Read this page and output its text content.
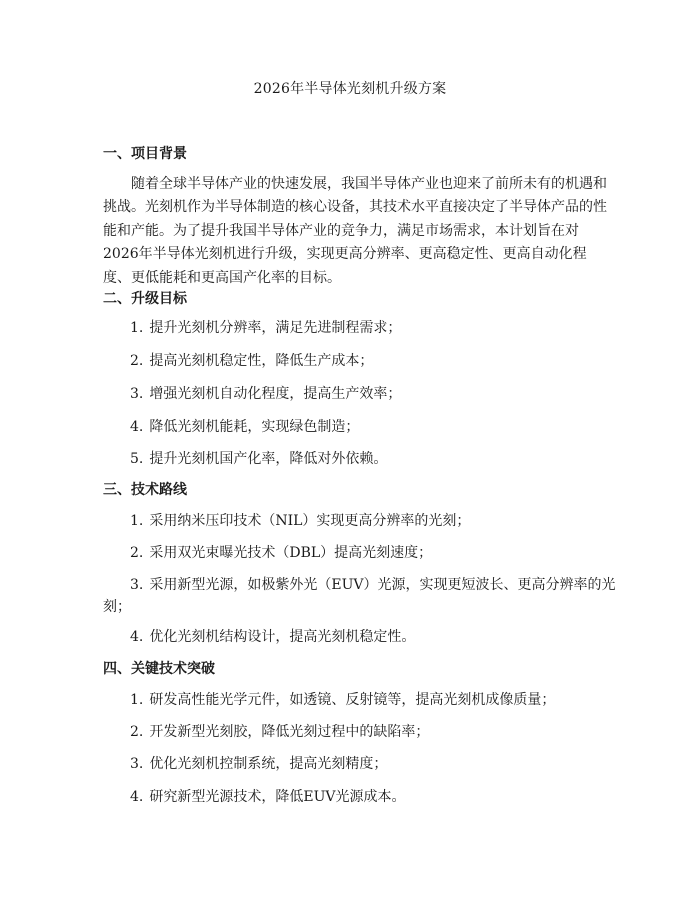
2026年半导体光刻机升级方案
一、项目背景
随着全球半导体产业的快速发展，我国半导体产业也迎来了前所未有的机遇和
挑战。光刻机作为半导体制造的核心设备，其技术水平直接决定了半导体产品的性
能和产能。为了提升我国半导体产业的竞争力，满足市场需求，本计划旨在对
2026年半导体光刻机进行升级，实现更高分辨率、更高稳定性、更高自动化程
度、更低能耗和更高国产化率的目标。
二、升级目标
1. 提升光刻机分辨率，满足先进制程需求；
2. 提高光刻机稳定性，降低生产成本；
3. 增强光刻机自动化程度，提高生产效率；
4. 降低光刻机能耗，实现绿色制造；
5. 提升光刻机国产化率，降低对外依赖。
三、技术路线
1. 采用纳米压印技术（NIL）实现更高分辨率的光刻；
2. 采用双光束曝光技术（DBL）提高光刻速度；
3. 采用新型光源，如极紫外光（EUV）光源，实现更短波长、更高分辨率的光
刻；
4. 优化光刻机结构设计，提高光刻机稳定性。
四、关键技术突破
1. 研发高性能光学元件，如透镜、反射镜等，提高光刻机成像质量；
2. 开发新型光刻胶，降低光刻过程中的缺陷率；
3. 优化光刻机控制系统，提高光刻精度；
4. 研究新型光源技术，降低EUV光源成本。
